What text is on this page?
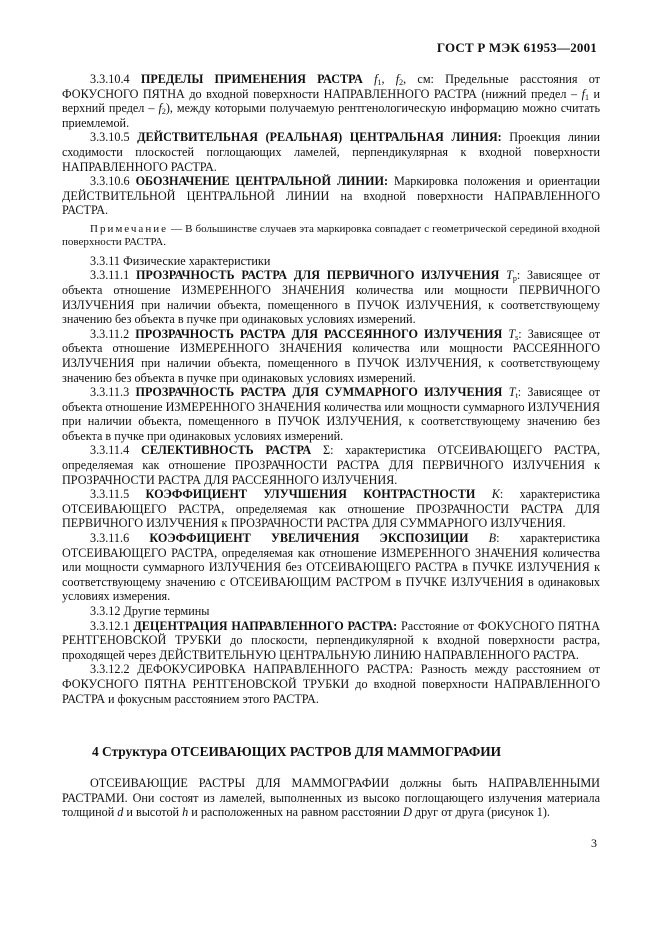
ГОСТ Р МЭК 61953—2001

3.3.10.4 ПРЕДЕЛЫ ПРИМЕНЕНИЯ РАСТРА $f_1$, $f_2$, см: Предельные расстояния от ФОКУСНОГО ПЯТНА до входной поверхности НАПРАВЛЕННОГО РАСТРА (нижний предел – $f_1$ и верхний предел – $f_2$), между которыми получаемую рентгенологическую информацию можно считать приемлемой.

3.3.10.5 ДЕЙСТВИТЕЛЬНАЯ (РЕАЛЬНАЯ) ЦЕНТРАЛЬНАЯ ЛИНИЯ: Проекция линии сходимости плоскостей поглощающих ламелей, перпендикулярная к входной поверхности НАПРАВЛЕННОГО РАСТРА.

3.3.10.6 ОБОЗНАЧЕНИЕ ЦЕНТРАЛЬНОЙ ЛИНИИ: Маркировка положения и ориентации ДЕЙСТВИТЕЛЬНОЙ ЦЕНТРАЛЬНОЙ ЛИНИИ на входной поверхности НАПРАВЛЕННОГО РАСТРА.

Примечание — В большинстве случаев эта маркировка совпадает с геометрической серединой входной поверхности РАСТРА.

3.3.11 Физические характеристики

3.3.11.1 ПРОЗРАЧНОСТЬ РАСТРА ДЛЯ ПЕРВИЧНОГО ИЗЛУЧЕНИЯ $T_p$: Зависящее от объекта отношение ИЗМЕРЕННОГО ЗНАЧЕНИЯ количества или мощности ПЕРВИЧНОГО ИЗЛУЧЕНИЯ при наличии объекта, помещенного в ПУЧОК ИЗЛУЧЕНИЯ, к соответствующему значению без объекта в пучке при одинаковых условиях измерений.

3.3.11.2 ПРОЗРАЧНОСТЬ РАСТРА ДЛЯ РАССЕЯННОГО ИЗЛУЧЕНИЯ $T_s$: Зависящее от объекта отношение ИЗМЕРЕННОГО ЗНАЧЕНИЯ количества или мощности РАССЕЯННОГО ИЗЛУЧЕНИЯ при наличии объекта, помещенного в ПУЧОК ИЗЛУЧЕНИЯ, к соответствующему значению без объекта в пучке при одинаковых условиях измерений.

3.3.11.3 ПРОЗРАЧНОСТЬ РАСТРА ДЛЯ СУММАРНОГО ИЗЛУЧЕНИЯ $T_t$: Зависящее от объекта отношение ИЗМЕРЕННОГО ЗНАЧЕНИЯ количества или мощности суммарного ИЗЛУЧЕНИЯ при наличии объекта, помещенного в ПУЧОК ИЗЛУЧЕНИЯ, к соответствующему значению без объекта в пучке при одинаковых условиях измерений.

3.3.11.4 СЕЛЕКТИВНОСТЬ РАСТРА Σ: характеристика ОТСЕИВАЮЩЕГО РАСТРА, определяемая как отношение ПРОЗРАЧНОСТИ РАСТРА ДЛЯ ПЕРВИЧНОГО ИЗЛУЧЕНИЯ к ПРОЗРАЧНОСТИ РАСТРА ДЛЯ РАССЕЯННОГО ИЗЛУЧЕНИЯ.

3.3.11.5 КОЭФФИЦИЕНТ УЛУЧШЕНИЯ КОНТРАСТНОСТИ K: характеристика ОТСЕИВАЮЩЕГО РАСТРА, определяемая как отношение ПРОЗРАЧНОСТИ РАСТРА ДЛЯ ПЕРВИЧНОГО ИЗЛУЧЕНИЯ к ПРОЗРАЧНОСТИ РАСТРА ДЛЯ СУММАРНОГО ИЗЛУЧЕНИЯ.

3.3.11.6 КОЭФФИЦИЕНТ УВЕЛИЧЕНИЯ ЭКСПОЗИЦИИ B: характеристика ОТСЕИВАЮЩЕГО РАСТРА, определяемая как отношение ИЗМЕРЕННОГО ЗНАЧЕНИЯ количества или мощности суммарного ИЗЛУЧЕНИЯ без ОТСЕИВАЮЩЕГО РАСТРА в ПУЧКЕ ИЗЛУЧЕНИЯ к соответствующему значению с ОТСЕИВАЮЩИМ РАСТРОМ в ПУЧКЕ ИЗЛУЧЕНИЯ в одинаковых условиях измерения.

3.3.12 Другие термины

3.3.12.1 ДЕЦЕНТРАЦИЯ НАПРАВЛЕННОГО РАСТРА: Расстояние от ФОКУСНОГО ПЯТНА РЕНТГЕНОВСКОЙ ТРУБКИ до плоскости, перпендикулярной к входной поверхности растра, проходящей через ДЕЙСТВИТЕЛЬНУЮ ЦЕНТРАЛЬНУЮ ЛИНИЮ НАПРАВЛЕННОГО РАСТРА.

3.3.12.2 ДЕФОКУСИРОВКА НАПРАВЛЕННОГО РАСТРА: Разность между расстоянием от ФОКУСНОГО ПЯТНА РЕНТГЕНОВСКОЙ ТРУБКИ до входной поверхности НАПРАВЛЕННОГО РАСТРА и фокусным расстоянием этого РАСТРА.

4 Структура ОТСЕИВАЮЩИХ РАСТРОВ ДЛЯ МАММОГРАФИИ

ОТСЕИВАЮЩИЕ РАСТРЫ ДЛЯ МАММОГРАФИИ должны быть НАПРАВЛЕННЫМИ РАСТРАМИ. Они состоят из ламелей, выполненных из высоко поглощающего излучения материала толщиной d и высотой h и расположенных на равном расстоянии D друг от друга (рисунок 1).

3
